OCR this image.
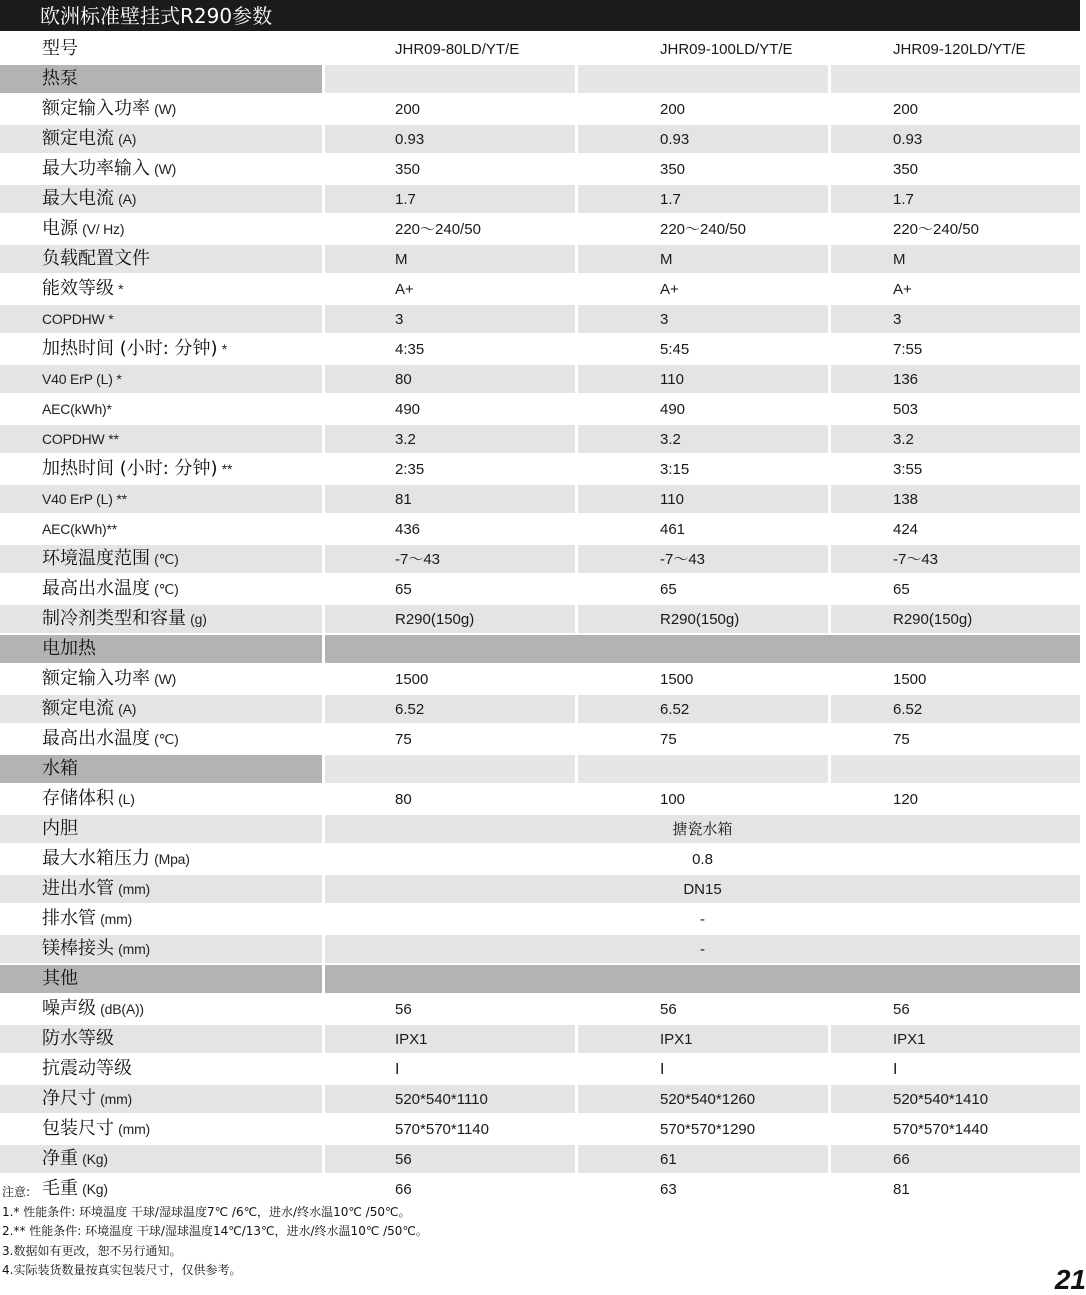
欧洲标准壁挂式R290参数
型号	JHR09-80LD/YT/E	JHR09-100LD/YT/E	JHR09-120LD/YT/E
热泵			
额定输入功率 (W)	200	200	200
额定电流 (A)	0.93	0.93	0.93
最大功率输入 (W)	350	350	350
最大电流 (A)	1.7	1.7	1.7
电源 (V/ Hz)	220～240/50	220～240/50	220～240/50
负载配置文件	M	M	M
能效等级 *	A+	A+	A+
COPDHW *	3	3	3
加热时间 (小时: 分钟) *	4:35	5:45	7:55
V40 ErP (L) *	80	110	136
AEC(kWh)*	490	490	503
COPDHW **	3.2	3.2	3.2
加热时间 (小时: 分钟) **	2:35	3:15	3:55
V40 ErP (L) **	81	110	138
AEC(kWh)**	436	461	424
环境温度范围 (℃)	-7～43	-7～43	-7～43
最高出水温度 (℃)	65	65	65
制冷剂类型和容量 (g)	R290(150g)	R290(150g)	R290(150g)
电加热			
额定输入功率 (W)	1500	1500	1500
额定电流 (A)	6.52	6.52	6.52
最高出水温度 (℃)	75	75	75
水箱			
存储体积 (L)	80	100	120
内胆	搪瓷水箱		
最大水箱压力 (Mpa)	0.8		
进出水管 (mm)	DN15		
排水管 (mm)	-		
镁棒接头 (mm)	-		
其他			
噪声级 (dB(A))	56	56	56
防水等级	IPX1	IPX1	IPX1
抗震动等级	Ⅰ	Ⅰ	Ⅰ
净尺寸 (mm)	520*540*1110	520*540*1260	520*540*1410
包装尺寸 (mm)	570*570*1140	570*570*1290	570*570*1440
净重 (Kg)	56	61	66
毛重 (Kg)	66	63	81
注意:
1.* 性能条件: 环境温度 干球/湿球温度7℃ /6℃，进水/终水温10℃ /50℃。
2.** 性能条件: 环境温度 干球/湿球温度14℃/13℃，进水/终水温10℃ /50℃。
3.数据如有更改，恕不另行通知。
4.实际装货数量按真实包装尺寸，仅供参考。	21
